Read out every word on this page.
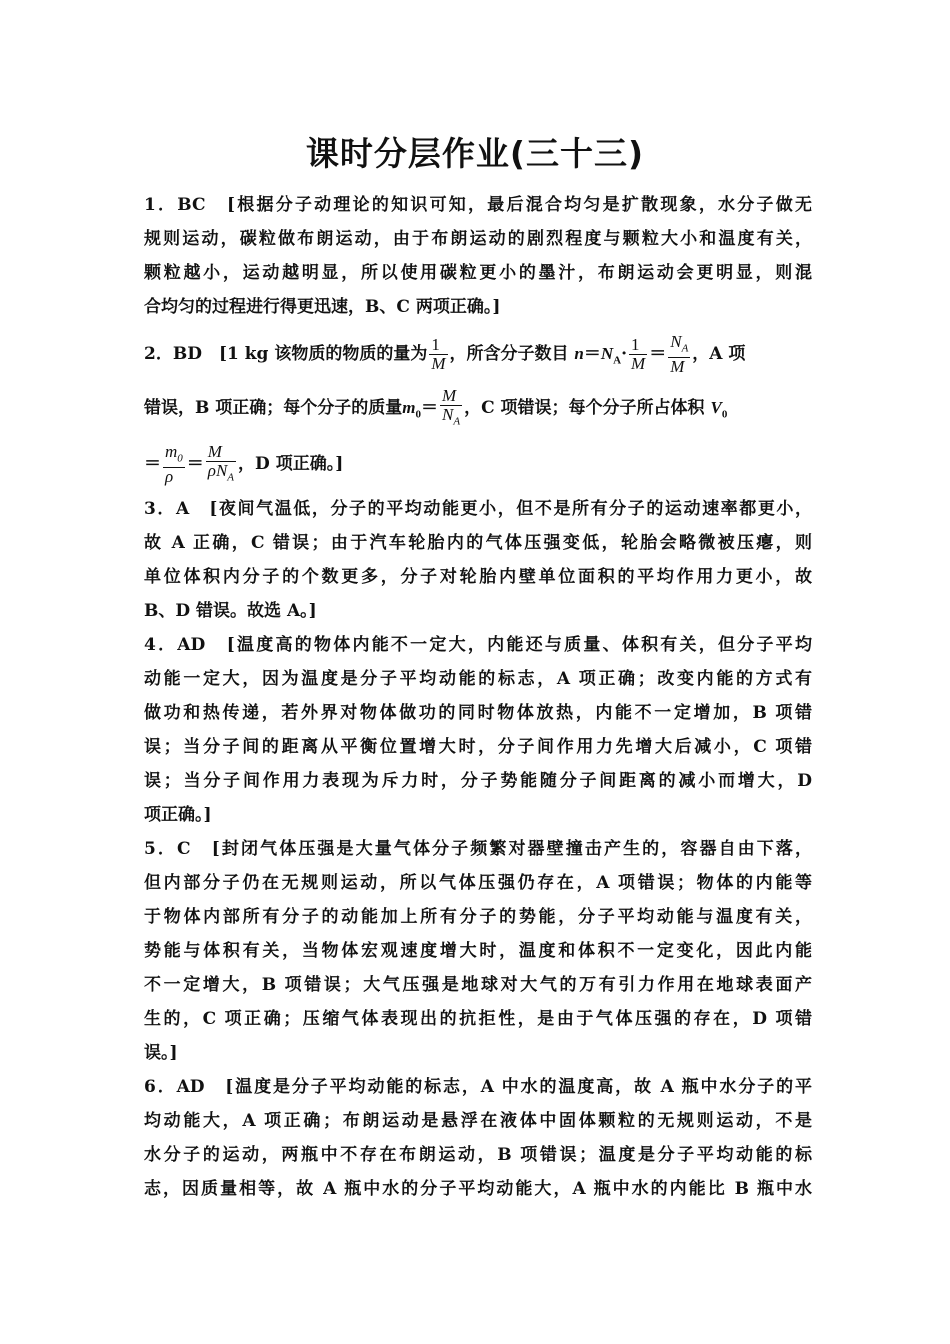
课时分层作业(三十三)
1．BC　[根据分子动理论的知识可知，最后混合均匀是扩散现象，水分子做无
规则运动，碳粒做布朗运动，由于布朗运动的剧烈程度与颗粒大小和温度有关，
颗粒越小，运动越明显，所以使用碳粒更小的墨汁，布朗运动会更明显，则混
合均匀的过程进行得更迅速，B、C 两项正确。]
2．BD　[1 kg 该物质的物质的量为 $\frac{1}{M}$ ，所含分子数目 $n=N_A\cdot \frac{1}{M} = \frac{N_A}{M}$ ，A 项
错误，B 项正确；每个分子的质量$m_0= \frac{M}{N_A}$ ，C 项错误；每个分子所占体积 $V_0$
＝ $\frac{m_0}{\rho} = \frac{M}{\rho N_A}$ ，D 项正确。]
3．A　[夜间气温低，分子的平均动能更小，但不是所有分子的运动速率都更小，
故 A 正确，C 错误；由于汽车轮胎内的气体压强变低，轮胎会略微被压瘪，则
单位体积内分子的个数更多，分子对轮胎内壁单位面积的平均作用力更小，故
B、D 错误。故选 A。]
4．AD　[温度高的物体内能不一定大，内能还与质量、体积有关，但分子平均
动能一定大，因为温度是分子平均动能的标志，A 项正确；改变内能的方式有
做功和热传递，若外界对物体做功的同时物体放热，内能不一定增加，B 项错
误；当分子间的距离从平衡位置增大时，分子间作用力先增大后减小，C 项错
误；当分子间作用力表现为斥力时，分子势能随分子间距离的减小而增大，D
项正确。]
5．C　[封闭气体压强是大量气体分子频繁对器壁撞击产生的，容器自由下落，
但内部分子仍在无规则运动，所以气体压强仍存在，A 项错误；物体的内能等
于物体内部所有分子的动能加上所有分子的势能，分子平均动能与温度有关，
势能与体积有关，当物体宏观速度增大时，温度和体积不一定变化，因此内能
不一定增大，B 项错误；大气压强是地球对大气的万有引力作用在地球表面产
生的，C 项正确；压缩气体表现出的抗拒性，是由于气体压强的存在，D 项错
误。]
6．AD　[温度是分子平均动能的标志，A 中水的温度高，故 A 瓶中水分子的平
均动能大，A 项正确；布朗运动是悬浮在液体中固体颗粒的无规则运动，不是
水分子的运动，两瓶中不存在布朗运动，B 项错误；温度是分子平均动能的标
志，因质量相等，故 A 瓶中水的分子平均动能大，A 瓶中水的内能比 B 瓶中水
